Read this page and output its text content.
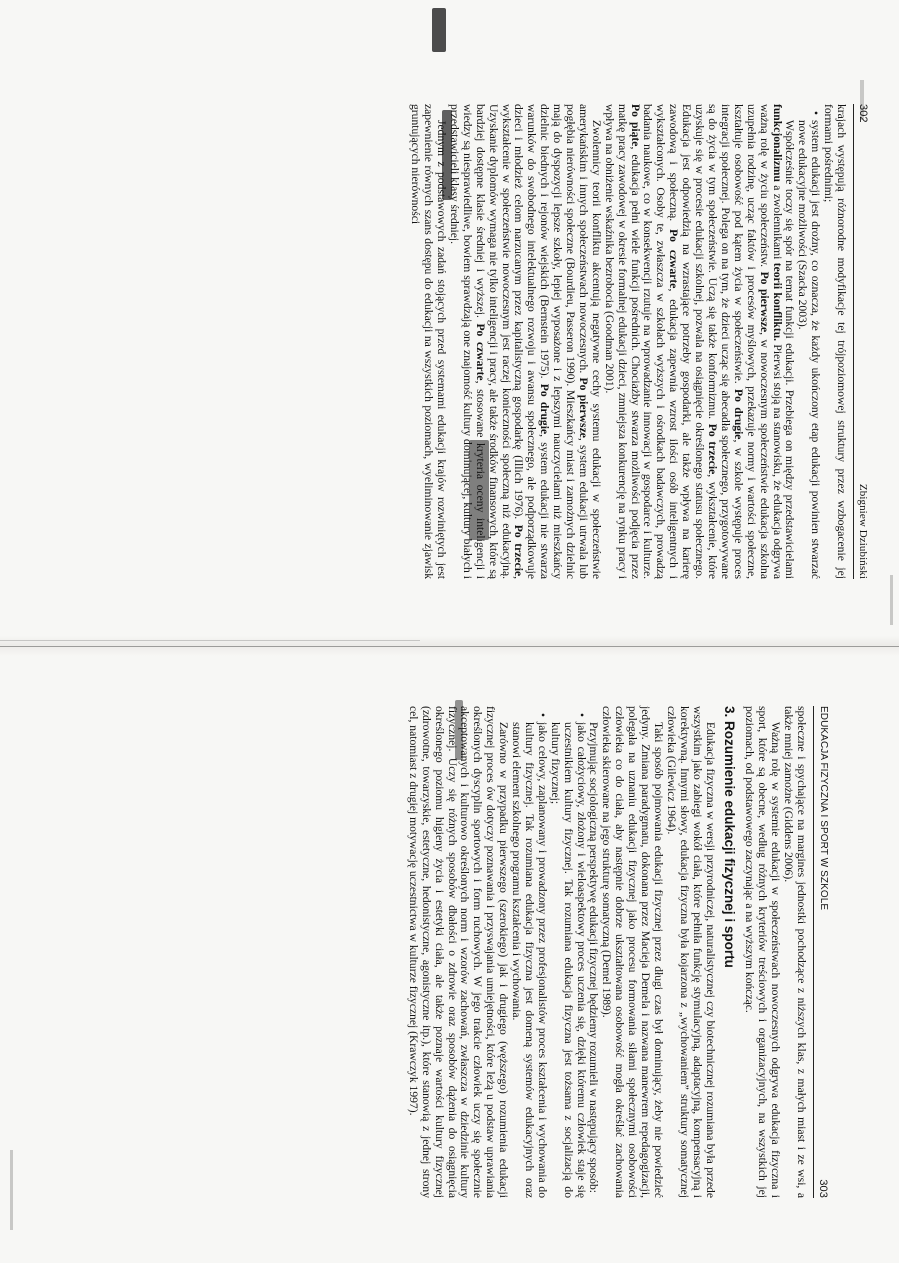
302
Zbigniew Dziubiński

krajach występują różnorodne modyfikacje tej trójpoziomowej struktury przez wzbogacenie jej formami pośrednimi;

•system edukacji jest drożny, co oznacza, że każdy ukończony etap edukacji powinien stwarzać nowe edukacyjne możliwości (Szacka 2003).

Współcześnie toczy się spór na temat funkcji edukacji. Przebiega on między przedstawicielami funkcjonalizmu a zwolennikami teorii konfliktu. Pierwsi stoją na stanowisku, że edukacja odgrywa ważną rolę w życiu społeczeństw. Po pierwsze, w nowoczesnym społeczeństwie edukacja szkolna uzupełnia rodzinę, ucząc faktów i procesów myślowych, przekazuje normy i wartości społeczne, kształtuje osobowość pod kątem życia w społeczeństwie. Po drugie, w szkole występuje proces integracji społecznej. Polega on na tym, że dzieci ucząc się abecadła społecznego, przygotowywane są do życia w tym społeczeństwie. Uczą się także konformizmu. Po trzecie, wykształcenie, które uzyskuje się w procesie edukacji szkolnej, pozwala na osiągnięcie określonego statusu społecznego. Edukacja jest odpowiedzią na wzrastające potrzeby gospodarki, ale także wpływa na karierę zawodową i społeczną. Po czwarte, edukacja zapewnia wzrost ilości osób inteligentnych i wykształconych. Osoby te, zwłaszcza w szkołach wyższych i ośrodkach badawczych, prowadzą badania naukowe, co w konsekwencji rzutuje na wprowadzanie innowacji w gospodarce i kulturze. Po piąte, edukacja pełni wiele funkcji pośrednich. Chociażby stwarza możliwości podjęcia przez matkę pracy zawodowej w okresie formalnej edukacji dzieci, zmniejsza konkurencję na rynku pracy i wpływa na obniżenie wskaźnika bezrobocia (Goodman 2001).

Zwolennicy teorii konfliktu akcentują negatywne cechy systemu edukacji w społeczeństwie amerykańskim i innych społeczeństwach nowoczesnych. Po pierwsze, system edukacji utrwala lub pogłębia nierówności społeczne (Bourdieu, Passeron 1990). Mieszkańcy miast i zamożnych dzielnic mają do dyspozycji lepsze szkoły, lepiej wyposażone i z lepszymi nauczycielami niż mieszkańcy dzielnic biednych i rejonów wiejskich (Bernstein 1975). Po drugie, system edukacji nie stwarza warunków do swobodnego intelektualnego rozwoju i awansu społecznego, ale podporządkowuje dzieci i młodzież celom narzucanym przez kapitalistyczną gospodarkę (Illich 1976). Po trzecie, wykształcenie w społeczeństwie nowoczesnym jest raczej konieczności społeczną niż edukacyjną. Uzyskanie dyplomów wymaga nie tylko inteligencji i pracy, ale także środków finansowych, które są bardziej dostępne klasie średniej i wyższej. Po czwarte, stosowane kryteria oceny inteligencji i wiedzy są niesprawiedliwe, bowiem sprawdzają one znajomość kultury dominującej, kultury białych i przedstawicieli klasy średniej.

Jednym z podstawowych zadań stojących przed systemami edukacji krajów rozwiniętych jest zapewnienie równych szans dostępu do edukacji na wszystkich poziomach, wyeliminowanie zjawisk gruntujących nierówności

EDUKACJA FIZYCZNA I SPORT W SZKOLE
303

społeczne i spychające na margines jednostki pochodzące z niższych klas, z małych miast i ze wsi, a także mniej zamożne (Giddens 2006).

Ważną rolę w systemie edukacji w społeczeństwach nowoczesnych odgrywa edukacja fizyczna i sport, które są obecne, według różnych kryteriów treściowych i organizacyjnych, na wszystkich jej poziomach, od podstawowego zaczynając a na wyższym kończąc.

3. Rozumienie edukacji fizycznej i sportu

Edukacja fizyczna w wersji przyrodniczej, naturalistycznej czy biotechnicznej rozumiana była przede wszystkim jako zabiegi wokół ciała, które pełniła funkcję stymulacyjną, adaptacyjną, kompensacyjną i korektywną. Innymi słowy, edukacja fizyczna była kojarzona z „wychowaniem” struktury somatycznej człowieka (Gilewicz 1964).

Taki sposób pojmowania edukacji fizycznej przez długi czas był dominujący, żeby nie powiedzieć jedyny. Zmiana paradygmatu, dokonana przez Macieja Demela i nazwana manewrem repedagogizacji, polegała na uznaniu edukacji fizycznej jako procesu formowania siłami społecznymi osobowości człowieka co do ciała, aby następnie dobrze ukształtowana osobowość mogła określać zachowania człowieka skierowane na jego strukturę somatyczną (Demel 1989).

Przyjmując socjologiczną perspektywę edukacji fizycznej będziemy rozumieli w następujący sposób:

•jako całożyciowy, złożony i wieloaspektowy proces uczenia się, dzięki któremu człowiek staje się uczestnikiem kultury fizycznej. Tak rozumiana edukacja fizyczna jest tożsama z socjalizacją do kultury fizycznej;

•jako celowy, zaplanowany i prowadzony przez profesjonalistów proces kształcenia i wychowania do kultury fizycznej. Tak rozumiana edukacja fizyczna jest domeną systemów edukacyjnych oraz stanowi element szkolnego programu kształcenia i wychowania.

Zarówno w przypadku pierwszego (szerokiego) jak i drugiego (węższego) rozumienia edukacji fizycznej proces ów dotyczy poznawania i przyswajania umiejętności, które leżą u podstaw uprawiania określonych dyscyplin sportowych i form ruchowych. W jego trakcie człowiek uczy się społecznie akceptowanych i kulturowo określonych norm i wzorów zachowań, zwłaszcza w dziedzinie kultury fizycznej. Uczy się różnych sposobów dbałości o zdrowie oraz sposobów dążenia do osiągnięcia określonego poziomu higieny życia i estetyki ciała, ale także poznaje wartości kultury fizycznej (zdrowotne, towarzyskie, estetyczne, hedonistyczne, agonistyczne itp.), które stanowią z jednej strony cel, natomiast z drugiej motywację uczestnictwa w kulturze fizycznej (Krawczyk 1997).
